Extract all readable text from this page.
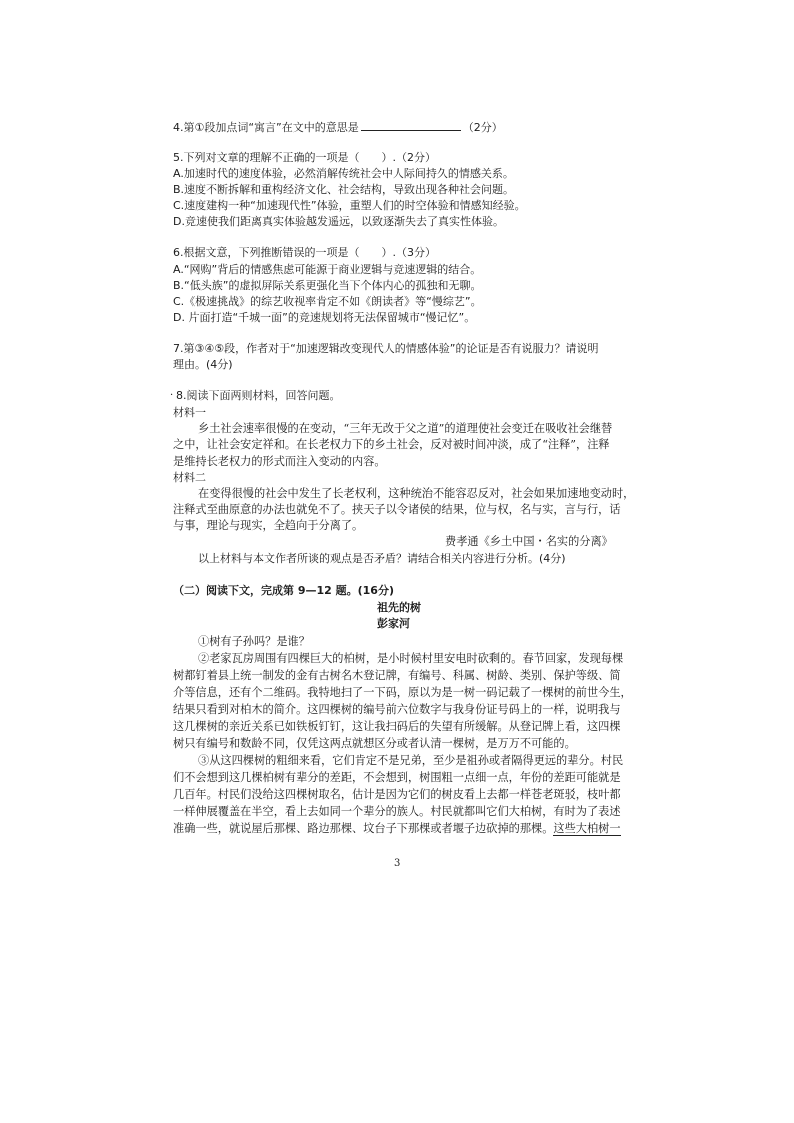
4.第①段加点词“寓言”在文中的意思是	（2分）
5.下列对文章的理解不正确的一项是（　　）.（2分）
A.加速时代的速度体验，必然消解传统社会中人际间持久的情感关系。
B.速度不断拆解和重构经济文化、社会结构，导致出现各种社会问题。
C.速度建构一种“加速现代性”体验，重塑人们的时空体验和情感知经验。
D.竞速使我们距离真实体验越发遥远，以致逐渐失去了真实性体验。
6.根据文意，下列推断错误的一项是（　　）.（3分）
A.“网购”背后的情感焦虑可能源于商业逻辑与竞速逻辑的结合。
B.“低头族”的虚拟屏际关系更强化当下个体内心的孤独和无聊。
C.《极速挑战》的综艺收视率肯定不如《朗读者》等“慢综艺”。
D. 片面打造“千城一面”的竞速规划将无法保留城市“慢记忆”。
7.第③④⑤段，作者对于“加速逻辑改变现代人的情感体验”的论证是否有说服力？请说明
理由。(4分)
· 8.阅读下面两则材料，回答问题。
材料一
乡土社会速率很慢的在变动，“三年无改于父之道”的道理使社会变迁在吸收社会继替
之中，让社会安定祥和。在长老权力下的乡土社会，反对被时间冲淡，成了“注释”，注释
是维持长老权力的形式而注入变动的内容。
材料二
在变得很慢的社会中发生了长老权利，这种统治不能容忍反对，社会如果加速地变动时，
注释式至曲原意的办法也就免不了。挟天子以令诸侯的结果，位与权，名与实，言与行，话
与事，理论与现实，全趋向于分离了。
费孝通《乡土中国・名实的分离》
以上材料与本文作者所谈的观点是否矛盾？请结合相关内容进行分析。(4分)
（二）阅读下文，完成第 9—12 题。(16分)
祖先的树
彭家河
①树有子孙吗？是谁？
②老家瓦房周围有四棵巨大的柏树，是小时候村里安电时砍剩的。春节回家，发现每棵
树都钉着县上统一制发的金有古树名木登记牌，有编号、科属、树龄、类别、保护等级、简
介等信息，还有个二维码。我特地扫了一下码，原以为是一树一码记载了一棵树的前世今生，
结果只看到对柏木的简介。这四棵树的编号前六位数字与我身份证号码上的一样，说明我与
这几棵树的亲近关系已如铁板钉钉，这让我扫码后的失望有所缓解。从登记牌上看，这四棵
树只有编号和数龄不同，仅凭这两点就想区分或者认清一棵树，是万万不可能的。
③从这四棵树的粗细来看，它们肯定不是兄弟，至少是祖孙或者隔得更远的辈分。村民
们不会想到这几棵柏树有辈分的差距，不会想到，树围粗一点细一点，年份的差距可能就是
几百年。村民们没给这四棵树取名，估计是因为它们的树皮看上去都一样苍老斑驳，枝叶都
一样伸展覆盖在半空，看上去如同一个辈分的族人。村民就都叫它们大柏树，有时为了表述
准确一些，就说屋后那棵、路边那棵、坟台子下那棵或者堰子边砍掉的那棵。这些大柏树一
3
